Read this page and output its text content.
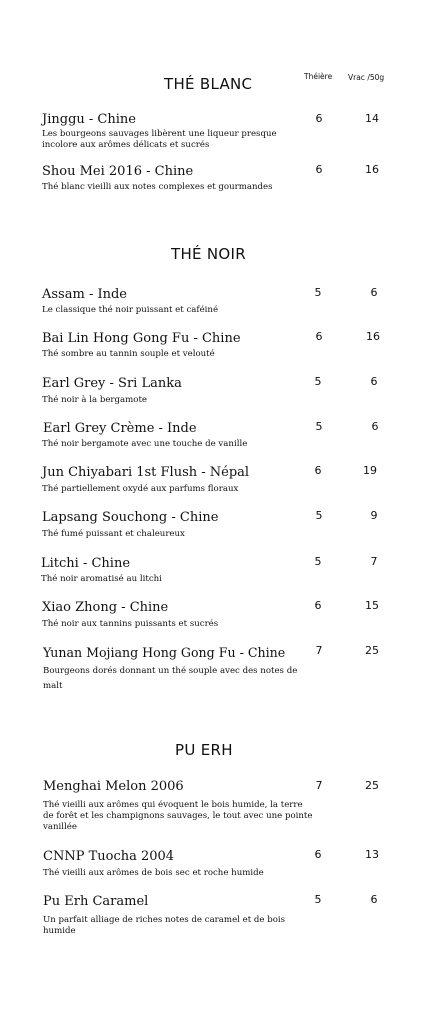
Théière Vrac /50g
THÉ BLANC
Jinggu - Chine
Les bourgeons sauvages libèrent une liqueur presque incolore aux arômes délicats et sucrés
6	14
Shou Mei 2016 - Chine
Thé blanc vieilli aux notes complexes et gourmandes
6	16
THÉ NOIR
Assam - Inde
Le classique thé noir puissant et caféiné
5	6
Bai Lin Hong Gong Fu - Chine
Thé sombre au tannin souple et velouté
6	16
Earl Grey - Sri Lanka
Thé noir à la bergamote
5	6
Earl Grey Crème - Inde
Thé noir bergamote avec une touche de vanille
5	6
Jun Chiyabari 1st Flush - Népal
Thé partiellement oxydé aux parfums floraux
6	19
Lapsang Souchong - Chine
Thé fumé puissant et chaleureux
5	9
Litchi - Chine
Thé noir aromatisé au litchi
5	7
Xiao Zhong - Chine
Thé noir aux tannins puissants et sucrés
6	15
Yunan Mojiang Hong Gong Fu - Chine
Bourgeons dorés donnant un thé souple avec des notes de malt
7	25
PU ERH
Menghai Melon 2006
Thé vieilli aux arômes qui évoquent le bois humide, la terre de forêt et les champignons sauvages, le tout avec une pointe vanillée
7	25
CNNP Tuocha 2004
Thé vieilli aux arômes de bois sec et roche humide
6	13
Pu Erh Caramel
Un parfait alliage de riches notes de caramel et de bois humide
5	6
